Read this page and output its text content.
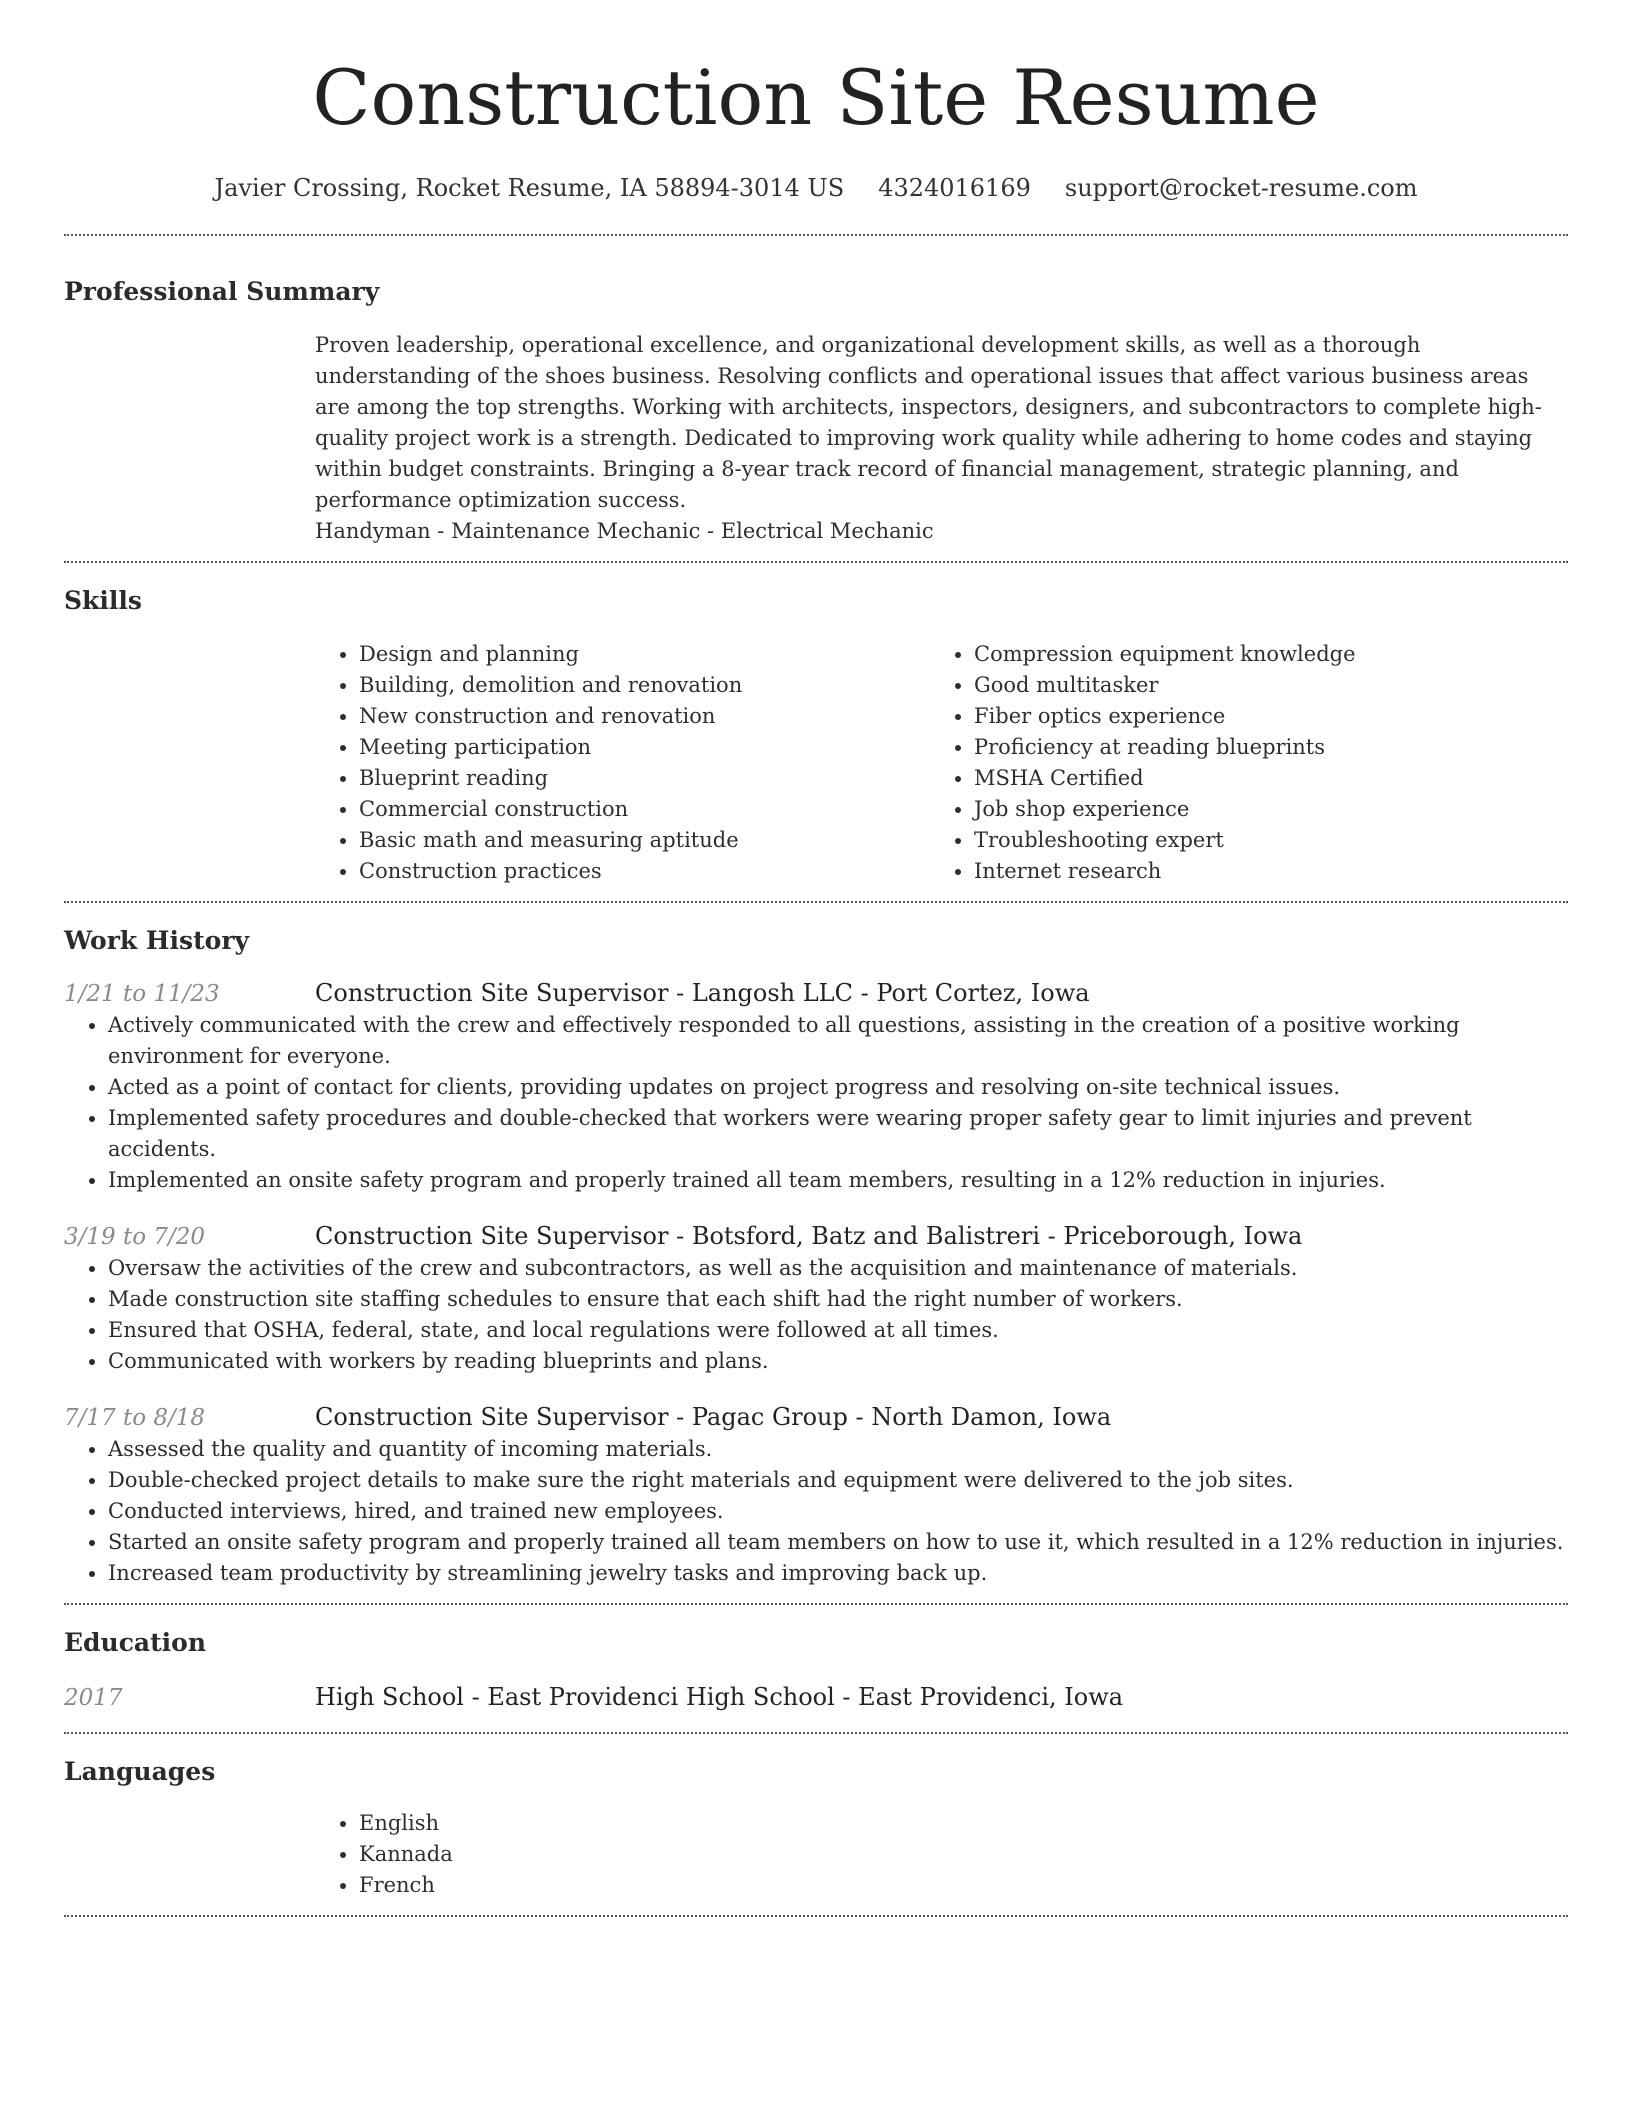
Construction Site Resume
Javier Crossing, Rocket Resume, IA 58894-3014 US 4324016169 support@rocket-resume.com
Professional Summary

Proven leadership, operational excellence, and organizational development skills, as well as a thorough understanding of the shoes business. Resolving conflicts and operational issues that affect various business areas are among the top strengths. Working with architects, inspectors, designers, and subcontractors to complete high-quality project work is a strength. Dedicated to improving work quality while adhering to home codes and staying within budget constraints. Bringing a 8-year track record of financial management, strategic planning, and performance optimization success.

Handyman - Maintenance Mechanic - Electrical Mechanic

Skills
• Design and planning
• Building, demolition and renovation
• New construction and renovation
• Meeting participation
• Blueprint reading
• Commercial construction
• Basic math and measuring aptitude
• Construction practices
• Compression equipment knowledge
• Good multitasker
• Fiber optics experience
• Proficiency at reading blueprints
• MSHA Certified
• Job shop experience
• Troubleshooting expert
• Internet research
Work History
1/21 to 11/23	Construction Site Supervisor - Langosh LLC - Port Cortez, Iowa
• Actively communicated with the crew and effectively responded to all questions, assisting in the creation of a positive working environment for everyone.
• Acted as a point of contact for clients, providing updates on project progress and resolving on-site technical issues.
• Implemented safety procedures and double-checked that workers were wearing proper safety gear to limit injuries and prevent accidents.
• Implemented an onsite safety program and properly trained all team members, resulting in a 12% reduction in injuries.
3/19 to 7/20	Construction Site Supervisor - Botsford, Batz and Balistreri - Priceborough, Iowa
• Oversaw the activities of the crew and subcontractors, as well as the acquisition and maintenance of materials.
• Made construction site staffing schedules to ensure that each shift had the right number of workers.
• Ensured that OSHA, federal, state, and local regulations were followed at all times.
• Communicated with workers by reading blueprints and plans.
7/17 to 8/18	Construction Site Supervisor - Pagac Group - North Damon, Iowa
• Assessed the quality and quantity of incoming materials.
• Double-checked project details to make sure the right materials and equipment were delivered to the job sites.
• Conducted interviews, hired, and trained new employees.
• Started an onsite safety program and properly trained all team members on how to use it, which resulted in a 12% reduction in injuries.
• Increased team productivity by streamlining jewelry tasks and improving back up.
Education
2017	High School - East Providenci High School - East Providenci, Iowa
Languages
• English
• Kannada
• French
